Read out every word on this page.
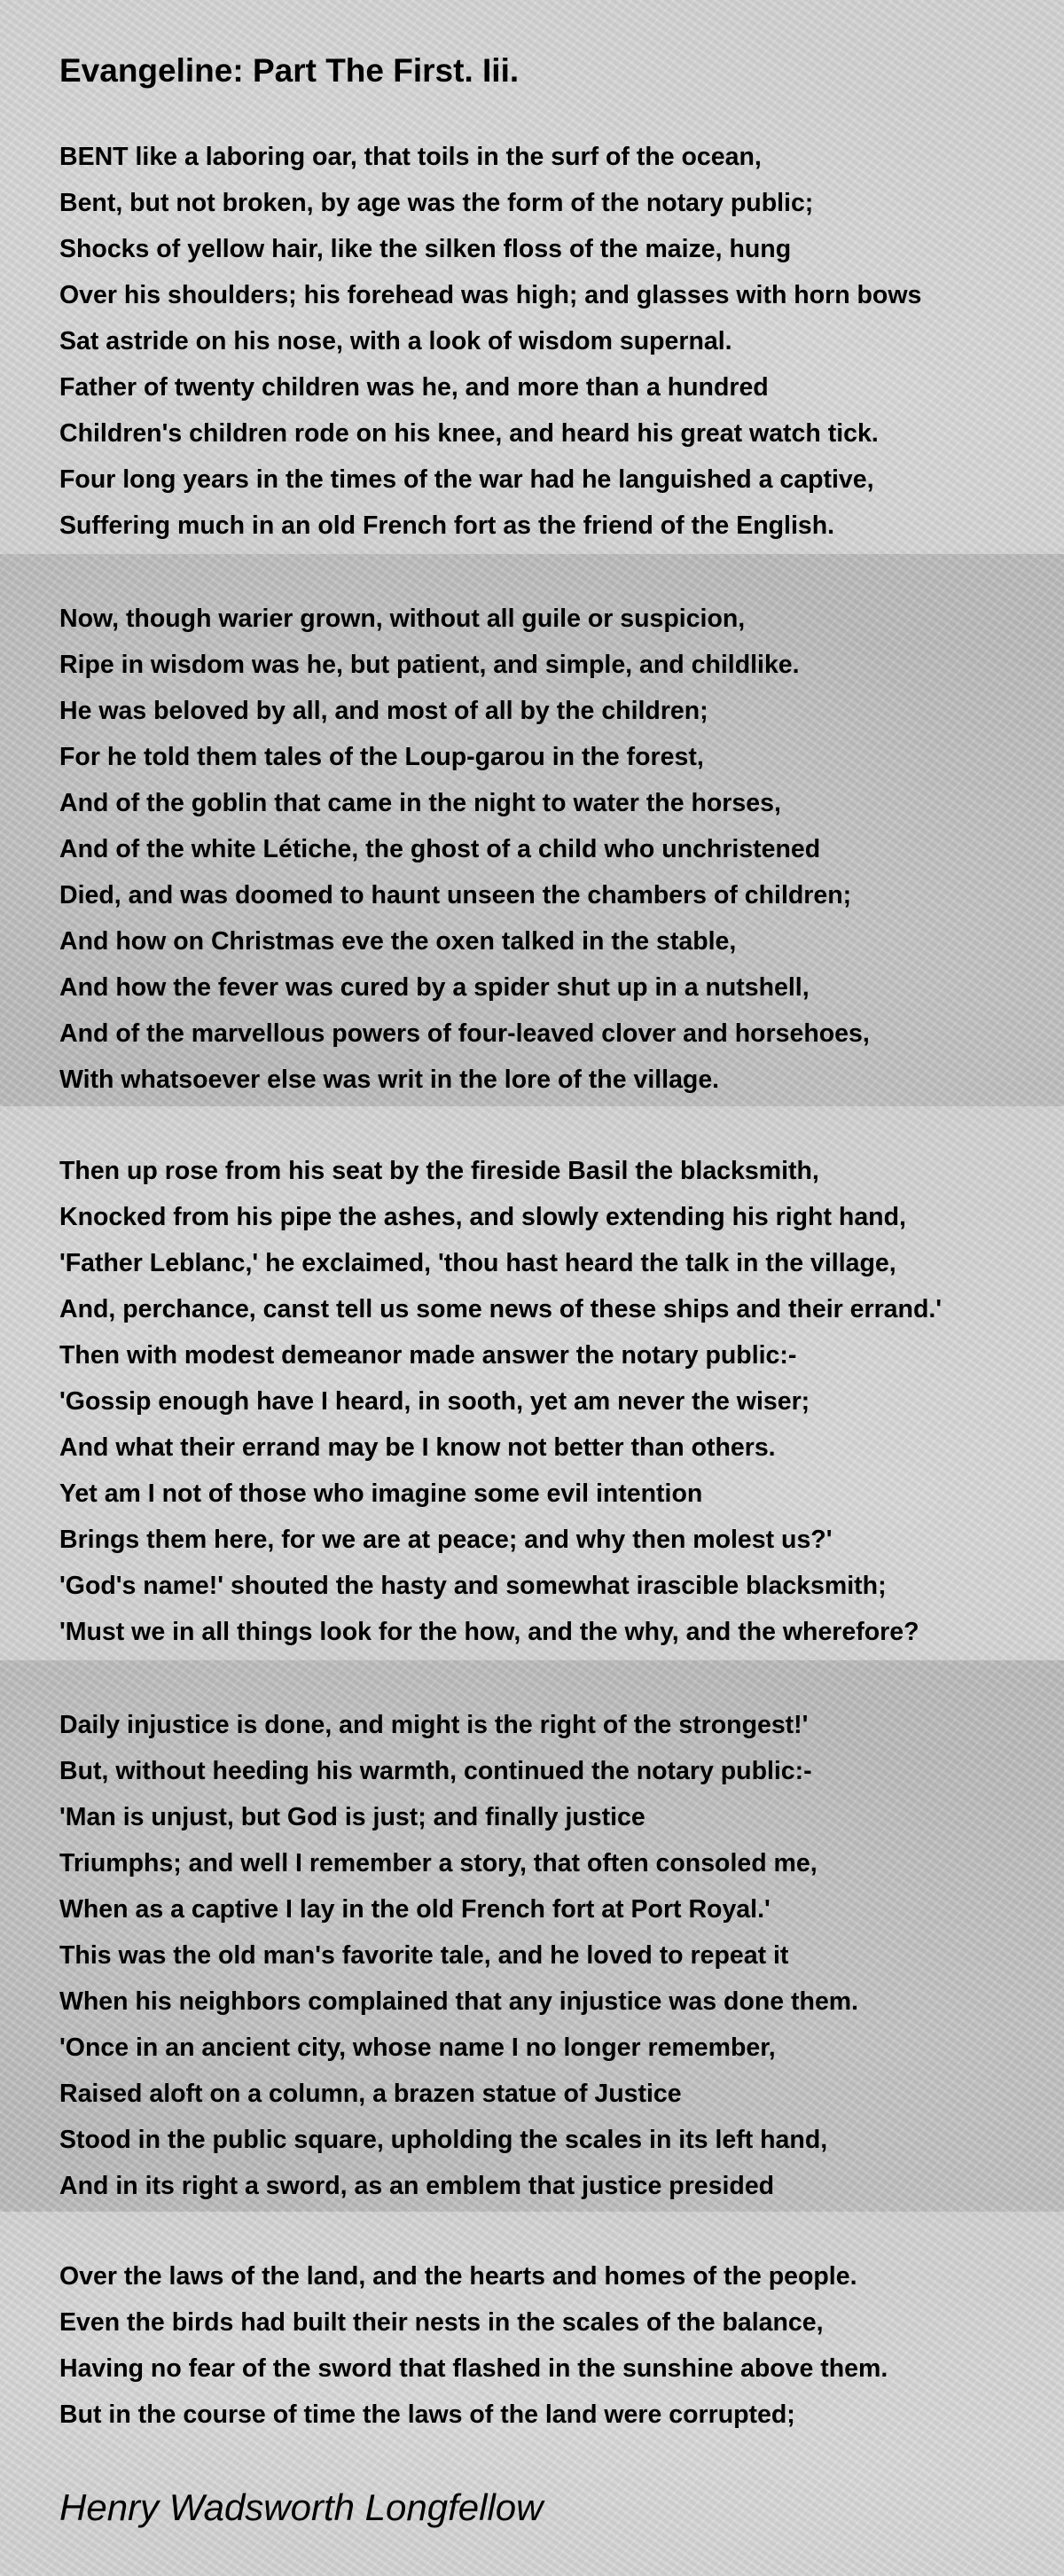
Evangeline: Part The First. Iii.
BENT like a laboring oar, that toils in the surf of the ocean,
Bent, but not broken, by age was the form of the notary public;
Shocks of yellow hair, like the silken floss of the maize, hung
Over his shoulders; his forehead was high; and glasses with horn bows
Sat astride on his nose, with a look of wisdom supernal.
Father of twenty children was he, and more than a hundred
Children's children rode on his knee, and heard his great watch tick.
Four long years in the times of the war had he languished a captive,
Suffering much in an old French fort as the friend of the English.
Now, though warier grown, without all guile or suspicion,
Ripe in wisdom was he, but patient, and simple, and childlike.
He was beloved by all, and most of all by the children;
For he told them tales of the Loup-garou in the forest,
And of the goblin that came in the night to water the horses,
And of the white Létiche, the ghost of a child who unchristened
Died, and was doomed to haunt unseen the chambers of children;
And how on Christmas eve the oxen talked in the stable,
And how the fever was cured by a spider shut up in a nutshell,
And of the marvellous powers of four-leaved clover and horsehoes,
With whatsoever else was writ in the lore of the village.
Then up rose from his seat by the fireside Basil the blacksmith,
Knocked from his pipe the ashes, and slowly extending his right hand,
'Father Leblanc,' he exclaimed, 'thou hast heard the talk in the village,
And, perchance, canst tell us some news of these ships and their errand.'
Then with modest demeanor made answer the notary public:-
'Gossip enough have I heard, in sooth, yet am never the wiser;
And what their errand may be I know not better than others.
Yet am I not of those who imagine some evil intention
Brings them here, for we are at peace; and why then molest us?'
'God's name!' shouted the hasty and somewhat irascible blacksmith;
'Must we in all things look for the how, and the why, and the wherefore?
Daily injustice is done, and might is the right of the strongest!'
But, without heeding his warmth, continued the notary public:-
'Man is unjust, but God is just; and finally justice
Triumphs; and well I remember a story, that often consoled me,
When as a captive I lay in the old French fort at Port Royal.'
This was the old man's favorite tale, and he loved to repeat it
When his neighbors complained that any injustice was done them.
'Once in an ancient city, whose name I no longer remember,
Raised aloft on a column, a brazen statue of Justice
Stood in the public square, upholding the scales in its left hand,
And in its right a sword, as an emblem that justice presided
Over the laws of the land, and the hearts and homes of the people.
Even the birds had built their nests in the scales of the balance,
Having no fear of the sword that flashed in the sunshine above them.
But in the course of time the laws of the land were corrupted;
Henry Wadsworth Longfellow
